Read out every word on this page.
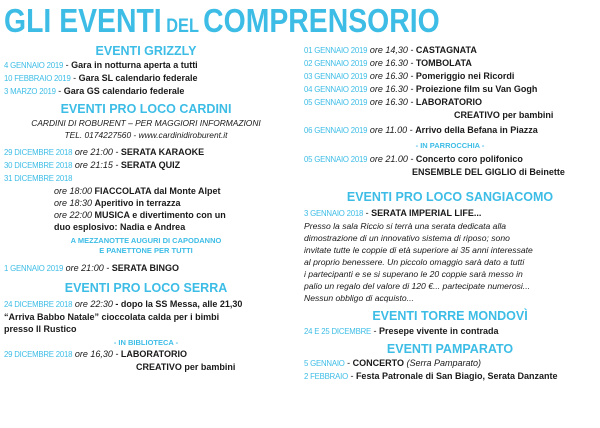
GLI EVENTI DEL COMPRENSORIO
EVENTI GRIZZLY
4 GENNAIO 2019 - Gara in notturna aperta a tutti
10 FEBBRAIO 2019 - Gara SL calendario federale
3 MARZO 2019 - Gara GS calendario federale
EVENTI PRO LOCO CARDINI
CARDINI DI ROBURENT – PER MAGGIORI INFORMAZIONI
TEL. 0174227560 - www.cardinidiroburent.it
29 DICEMBRE 2018 ore 21:00 - SERATA KARAOKE
30 DICEMBRE 2018 ore 21:15 - SERATA QUIZ
31 DICEMBRE 2018
ore 18:00 FIACCOLATA dal Monte Alpet
ore 18:30 Aperitivo in terrazza
ore 22:00 MUSICA e divertimento con un
duo esplosivo: Nadia e Andrea
A MEZZANOTTE AUGURI DI CAPODANNO
E PANETTONE PER TUTTI
1 GENNAIO 2019 ore 21:00 - SERATA BINGO
EVENTI PRO LOCO SERRA
24 DICEMBRE 2018 ore 22:30 - dopo la SS Messa, alle 21,30
“Arriva Babbo Natale” cioccolata calda per i bimbi
presso Il Rustico
- IN BIBLIOTECA -
29 DICEMBRE 2018 ore 16,30 - LABORATORIO
CREATIVO per bambini
01 GENNAIO 2019 ore 14,30 - CASTAGNATA
02 GENNAIO 2019 ore 16.30 - TOMBOLATA
03 GENNAIO 2019 ore 16.30 - Pomeriggio nei Ricordi
04 GENNAIO 2019 ore 16.30 - Proiezione film su Van Gogh
05 GENNAIO 2019 ore 16.30 - LABORATORIO
CREATIVO per bambini
06 GENNAIO 2019 ore 11.00 - Arrivo della Befana in Piazza
- IN PARROCCHIA -
05 GENNAIO 2019 ore 21.00 - Concerto coro polifonico
ENSEMBLE DEL GIGLIO di Beinette
EVENTI PRO LOCO SANGIACOMO
3 GENNAIO 2018 - SERATA IMPERIAL LIFE...
Presso la sala Riccio si terrà una serata dedicata alla
dimostrazione di un innovativo sistema di riposo; sono
invitate tutte le coppie di età superiore ai 35 anni interessate
al proprio benessere. Un piccolo omaggio sarà dato a tutti
i partecipanti e se si superano le 20 coppie sarà messo in
palio un regalo del valore di 120 €... partecipate numerosi...
Nessun obbligo di acquisto...
EVENTI TORRE MONDOVÌ
24 E 25 DICEMBRE - Presepe vivente in contrada
EVENTI PAMPARATO
5 GENNAIO - CONCERTO (Serra Pamparato)
2 FEBBRAIO - Festa Patronale di San Biagio, Serata Danzante
